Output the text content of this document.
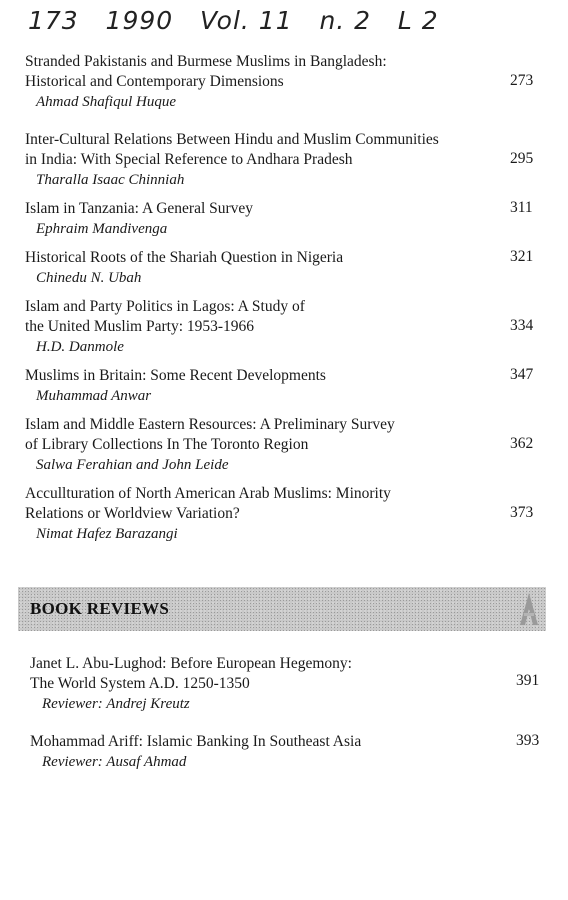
173   1990   Vol. 11   n. 2   L 2
Stranded Pakistanis and Burmese Muslims in Bangladesh:
Historical and Contemporary Dimensions
Ahmad Shafiqul Huque
273
Inter-Cultural Relations Between Hindu and Muslim Communities
in India: With Special Reference to Andhara Pradesh
Tharalla Isaac Chinniah
295
Islam in Tanzania: A General Survey
Ephraim Mandivenga
311
Historical Roots of the Shariah Question in Nigeria
Chinedu N. Ubah
321
Islam and Party Politics in Lagos: A Study of
the United Muslim Party: 1953-1966
H.D. Danmole
334
Muslims in Britain: Some Recent Developments
Muhammad Anwar
347
Islam and Middle Eastern Resources: A Preliminary Survey
of Library Collections In The Toronto Region
Salwa Ferahian and John Leide
362
Accullturation of North American Arab Muslims: Minority
Relations or Worldview Variation?
Nimat Hafez Barazangi
373
BOOK REVIEWS
Janet L. Abu-Lughod: Before European Hegemony:
The World System A.D. 1250-1350
Reviewer: Andrej Kreutz
391
Mohammad Ariff: Islamic Banking In Southeast Asia
Reviewer: Ausaf Ahmad
393
